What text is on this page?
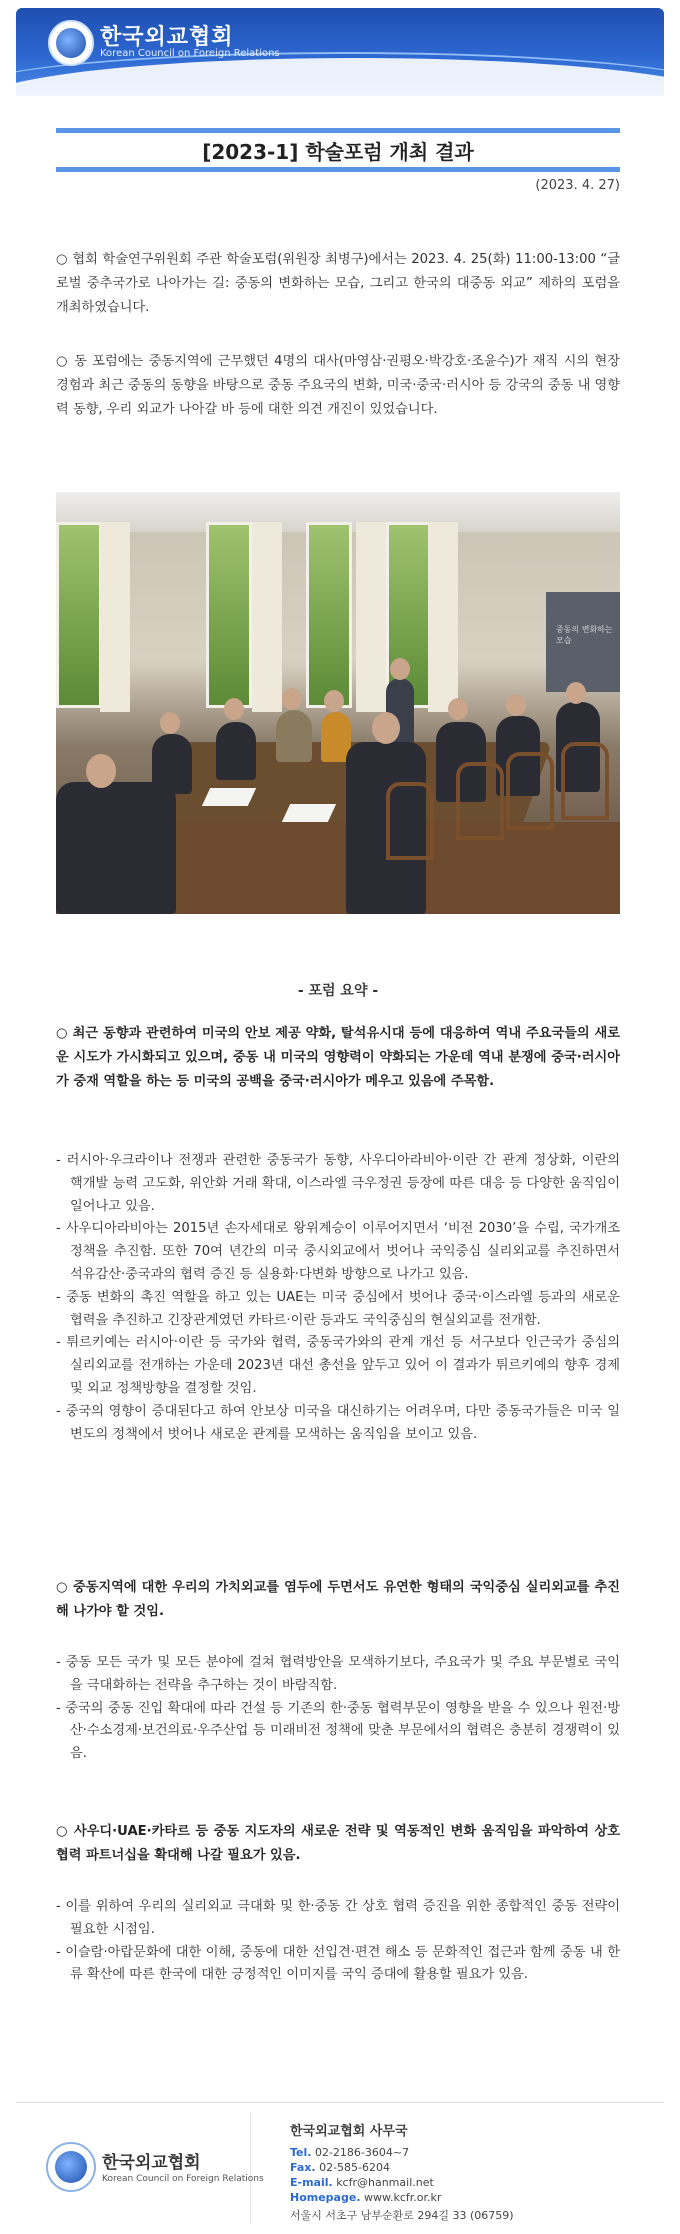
한국외교협회
Korean Council on Foreign Relations
[2023-1] 학술포럼 개최 결과
(2023. 4. 27)
○ 협회 학술연구위원회 주관 학술포럼(위원장 최병구)에서는 2023. 4. 25(화) 11:00-13:00 “글로벌 중추국가로 나아가는 길: 중동의 변화하는 모습, 그리고 한국의 대중동 외교” 제하의 포럼을 개최하였습니다.
○ 동 포럼에는 중동지역에 근무했던 4명의 대사(마영삼·권평오·박강호·조윤수)가 재직 시의 현장경험과 최근 중동의 동향을 바탕으로 중동 주요국의 변화, 미국·중국·러시아 등 강국의 중동 내 영향력 동향, 우리 외교가 나아갈 바 등에 대한 의견 개진이 있었습니다.
중동의 변화하는 모습
- 포럼 요약 -
○ 최근 동향과 관련하여 미국의 안보 제공 약화, 탈석유시대 등에 대응하여 역내 주요국들의 새로운 시도가 가시화되고 있으며, 중동 내 미국의 영향력이 약화되는 가운데 역내 분쟁에 중국·러시아가 중재 역할을 하는 등 미국의 공백을 중국·러시아가 메우고 있음에 주목함.
- 러시아·우크라이나 전쟁과 관련한 중동국가 동향, 사우디아라비아·이란 간 관계 정상화, 이란의 핵개발 능력 고도화, 위안화 거래 확대, 이스라엘 극우정권 등장에 따른 대응 등 다양한 움직임이 일어나고 있음.
- 사우디아라비아는 2015년 손자세대로 왕위계승이 이루어지면서 ‘비전 2030’을 수립, 국가개조정책을 추진함. 또한 70여 년간의 미국 중시외교에서 벗어나 국익중심 실리외교를 추진하면서 석유감산·중국과의 협력 증진 등 실용화·다변화 방향으로 나가고 있음.
- 중동 변화의 촉진 역할을 하고 있는 UAE는 미국 중심에서 벗어나 중국·이스라엘 등과의 새로운 협력을 추진하고 긴장관계였던 카타르·이란 등과도 국익중심의 현실외교를 전개함.
- 튀르키예는 러시아·이란 등 국가와 협력, 중동국가와의 관계 개선 등 서구보다 인근국가 중심의 실리외교를 전개하는 가운데 2023년 대선 총선을 앞두고 있어 이 결과가 튀르키예의 향후 경제 및 외교 정책방향을 결정할 것임.
- 중국의 영향이 증대된다고 하여 안보상 미국을 대신하기는 어려우며, 다만 중동국가들은 미국 일변도의 정책에서 벗어나 새로운 관계를 모색하는 움직임을 보이고 있음.
○ 중동지역에 대한 우리의 가치외교를 염두에 두면서도 유연한 형태의 국익중심 실리외교를 추진해 나가야 할 것임.
- 중동 모든 국가 및 모든 분야에 걸쳐 협력방안을 모색하기보다, 주요국가 및 주요 부문별로 국익을 극대화하는 전략을 추구하는 것이 바람직함.
- 중국의 중동 진입 확대에 따라 건설 등 기존의 한·중동 협력부문이 영향을 받을 수 있으나 원전·방산·수소경제·보건의료·우주산업 등 미래비전 정책에 맞춘 부문에서의 협력은 충분히 경쟁력이 있음.
○ 사우디·UAE·카타르 등 중동 지도자의 새로운 전략 및 역동적인 변화 움직임을 파악하여 상호협력 파트너십을 확대해 나갈 필요가 있음.
- 이를 위하여 우리의 실리외교 극대화 및 한·중동 간 상호 협력 증진을 위한 종합적인 중동 전략이 필요한 시점임.
- 이슬람·아랍문화에 대한 이해, 중동에 대한 선입견·편견 해소 등 문화적인 접근과 함께 중동 내 한류 확산에 따른 한국에 대한 긍정적인 이미지를 국익 증대에 활용할 필요가 있음.
한국외교협회
Korean Council on Foreign Relations
한국외교협회 사무국
Tel. 02-2186-3604~7
Fax. 02-585-6204
E-mail. kcfr@hanmail.net
Homepage. www.kcfr.or.kr
서울시 서초구 남부순환로 294길 33 (06759)
